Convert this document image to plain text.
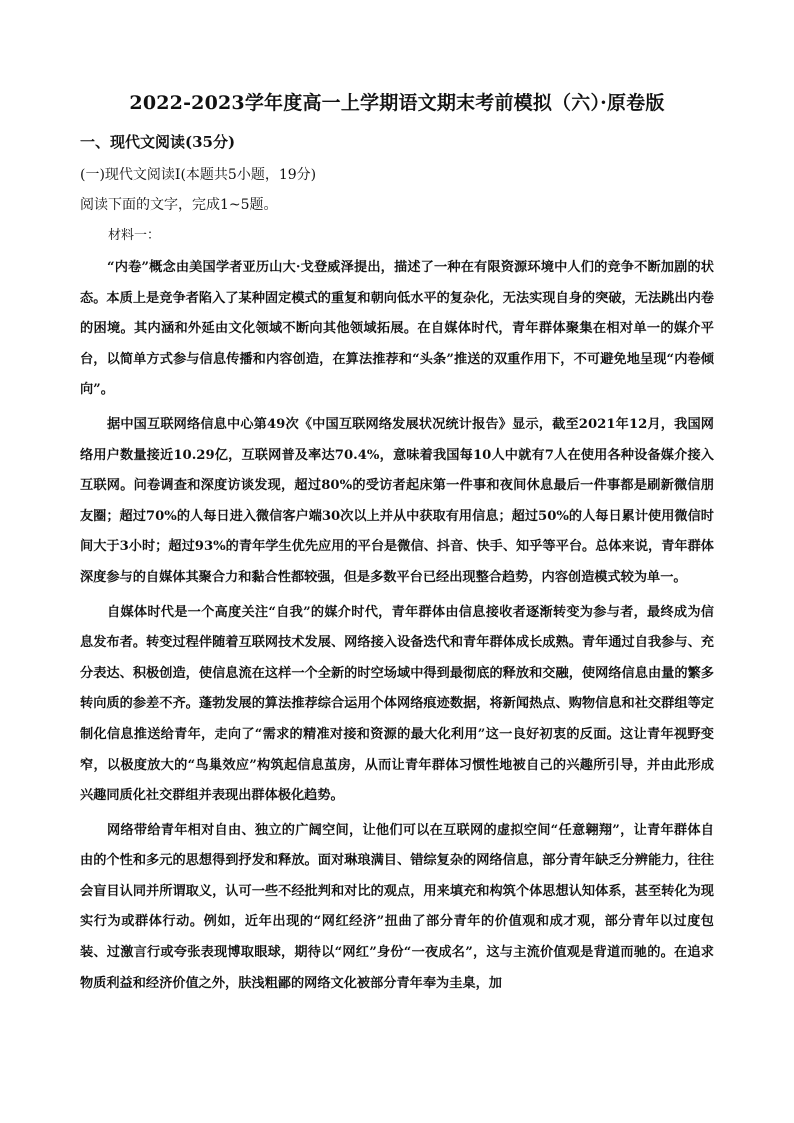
2022-2023学年度高一上学期语文期末考前模拟（六）·原卷版
一、现代文阅读(35分)
(一)现代文阅读I(本题共5小题，19分)
阅读下面的文字，完成1~5题。
材料一：

“内卷”概念由美国学者亚历山大·戈登威泽提出，描述了一种在有限资源环境中人们的竞争不断加剧的状态。本质上是竞争者陷入了某种固定模式的重复和朝向低水平的复杂化，无法实现自身的突破，无法跳出内卷的困境。其内涵和外延由文化领域不断向其他领域拓展。在自媒体时代，青年群体聚集在相对单一的媒介平台，以简单方式参与信息传播和内容创造，在算法推荐和“头条”推送的双重作用下，不可避免地呈现“内卷倾向”。

据中国互联网络信息中心第49次《中国互联网络发展状况统计报告》显示，截至2021年12月，我国网络用户数量接近10.29亿，互联网普及率达70.4%，意味着我国每10人中就有7人在使用各种设备媒介接入互联网。问卷调查和深度访谈发现，超过80%的受访者起床第一件事和夜间休息最后一件事都是刷新微信朋友圈；超过70%的人每日进入微信客户端30次以上并从中获取有用信息；超过50%的人每日累计使用微信时间大于3小时；超过93%的青年学生优先应用的平台是微信、抖音、快手、知乎等平台。总体来说，青年群体深度参与的自媒体其聚合力和黏合性都较强，但是多数平台已经出现整合趋势，内容创造模式较为单一。

自媒体时代是一个高度关注“自我”的媒介时代，青年群体由信息接收者逐渐转变为参与者，最终成为信息发布者。转变过程伴随着互联网技术发展、网络接入设备迭代和青年群体成长成熟。青年通过自我参与、充分表达、积极创造，使信息流在这样一个全新的时空场域中得到最彻底的释放和交融，使网络信息由量的繁多转向质的参差不齐。蓬勃发展的算法推荐综合运用个体网络痕迹数据，将新闻热点、购物信息和社交群组等定制化信息推送给青年，走向了“需求的精准对接和资源的最大化利用”这一良好初衷的反面。这让青年视野变窄，以极度放大的“鸟巢效应”构筑起信息茧房，从而让青年群体习惯性地被自己的兴趣所引导，并由此形成兴趣同质化社交群组并表现出群体极化趋势。

网络带给青年相对自由、独立的广阔空间，让他们可以在互联网的虚拟空间“任意翱翔”，让青年群体自由的个性和多元的思想得到抒发和释放。面对琳琅满目、错综复杂的网络信息，部分青年缺乏分辨能力，往往会盲目认同并所谓取义，认可一些不经批判和对比的观点，用来填充和构筑个体思想认知体系，甚至转化为现实行为或群体行动。例如，近年出现的“网红经济”扭曲了部分青年的价值观和成才观，部分青年以过度包装、过激言行或夸张表现博取眼球，期待以“网红”身份“一夜成名”，这与主流价值观是背道而驰的。在追求物质利益和经济价值之外，肤浅粗鄙的网络文化被部分青年奉为圭臬，加
